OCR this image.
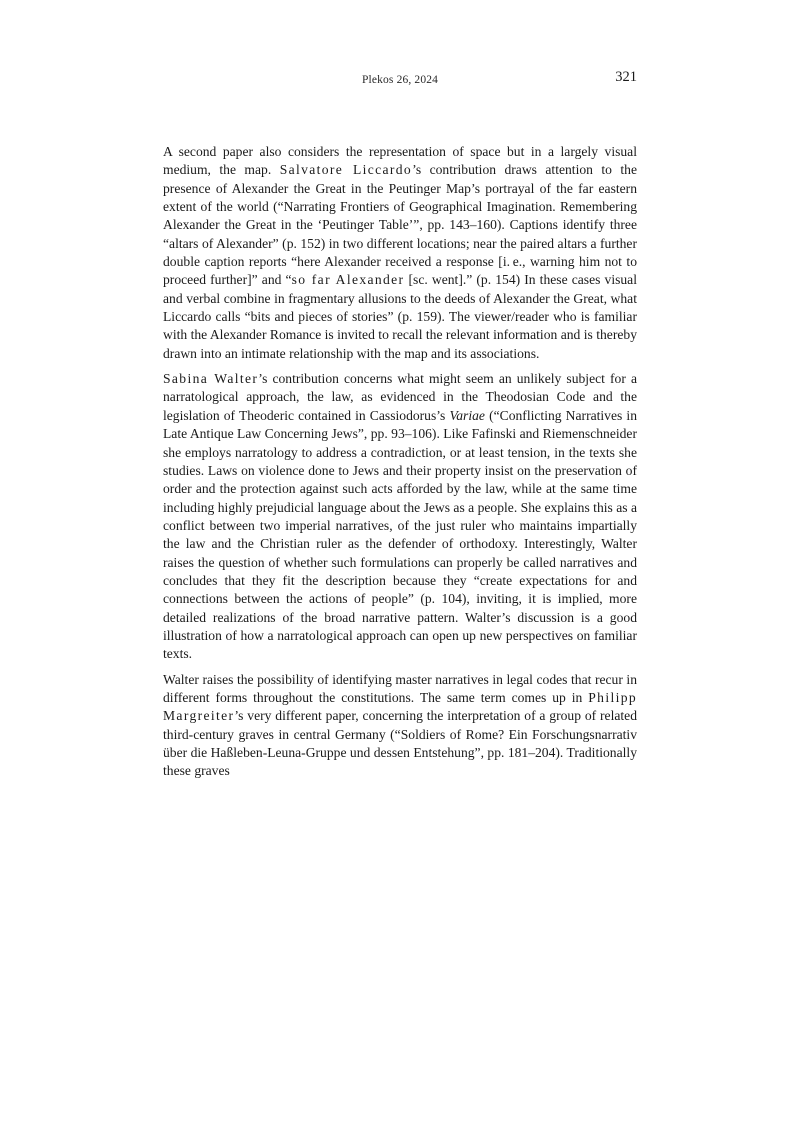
Plekos 26, 2024	321

A second paper also considers the representation of space but in a largely visual medium, the map. Salvatore Liccardo’s contribution draws attention to the presence of Alexander the Great in the Peutinger Map’s portrayal of the far eastern extent of the world (“Narrating Frontiers of Geographical Imagination. Remembering Alexander the Great in the ‘Peutinger Table’”, pp. 143–160). Captions identify three “altars of Alexander” (p. 152) in two different locations; near the paired altars a further double caption reports “here Alexander received a response [i. e., warning him not to proceed further]” and “so far Alexander [sc. went].” (p. 154) In these cases visual and verbal combine in fragmentary allusions to the deeds of Alexander the Great, what Liccardo calls “bits and pieces of stories” (p. 159). The viewer/reader who is familiar with the Alexander Romance is invited to recall the relevant information and is thereby drawn into an intimate relationship with the map and its associations.

Sabina Walter’s contribution concerns what might seem an unlikely subject for a narratological approach, the law, as evidenced in the Theodosian Code and the legislation of Theoderic contained in Cassiodorus’s Variae (“Conflicting Narratives in Late Antique Law Concerning Jews”, pp. 93–106). Like Fafinski and Riemenschneider she employs narratology to address a contradiction, or at least tension, in the texts she studies. Laws on violence done to Jews and their property insist on the preservation of order and the protection against such acts afforded by the law, while at the same time including highly prejudicial language about the Jews as a people. She explains this as a conflict between two imperial narratives, of the just ruler who maintains impartially the law and the Christian ruler as the defender of orthodoxy. Interestingly, Walter raises the question of whether such formulations can properly be called narratives and concludes that they fit the description because they “create expectations for and connections between the actions of people” (p. 104), inviting, it is implied, more detailed realizations of the broad narrative pattern. Walter’s discussion is a good illustration of how a narratological approach can open up new perspectives on familiar texts.

Walter raises the possibility of identifying master narratives in legal codes that recur in different forms throughout the constitutions. The same term comes up in Philipp Margreiter’s very different paper, concerning the interpretation of a group of related third-century graves in central Germany (“Soldiers of Rome? Ein Forschungsnarrativ über die Haßleben-Leuna-Gruppe und dessen Entstehung”, pp. 181–204). Traditionally these graves
